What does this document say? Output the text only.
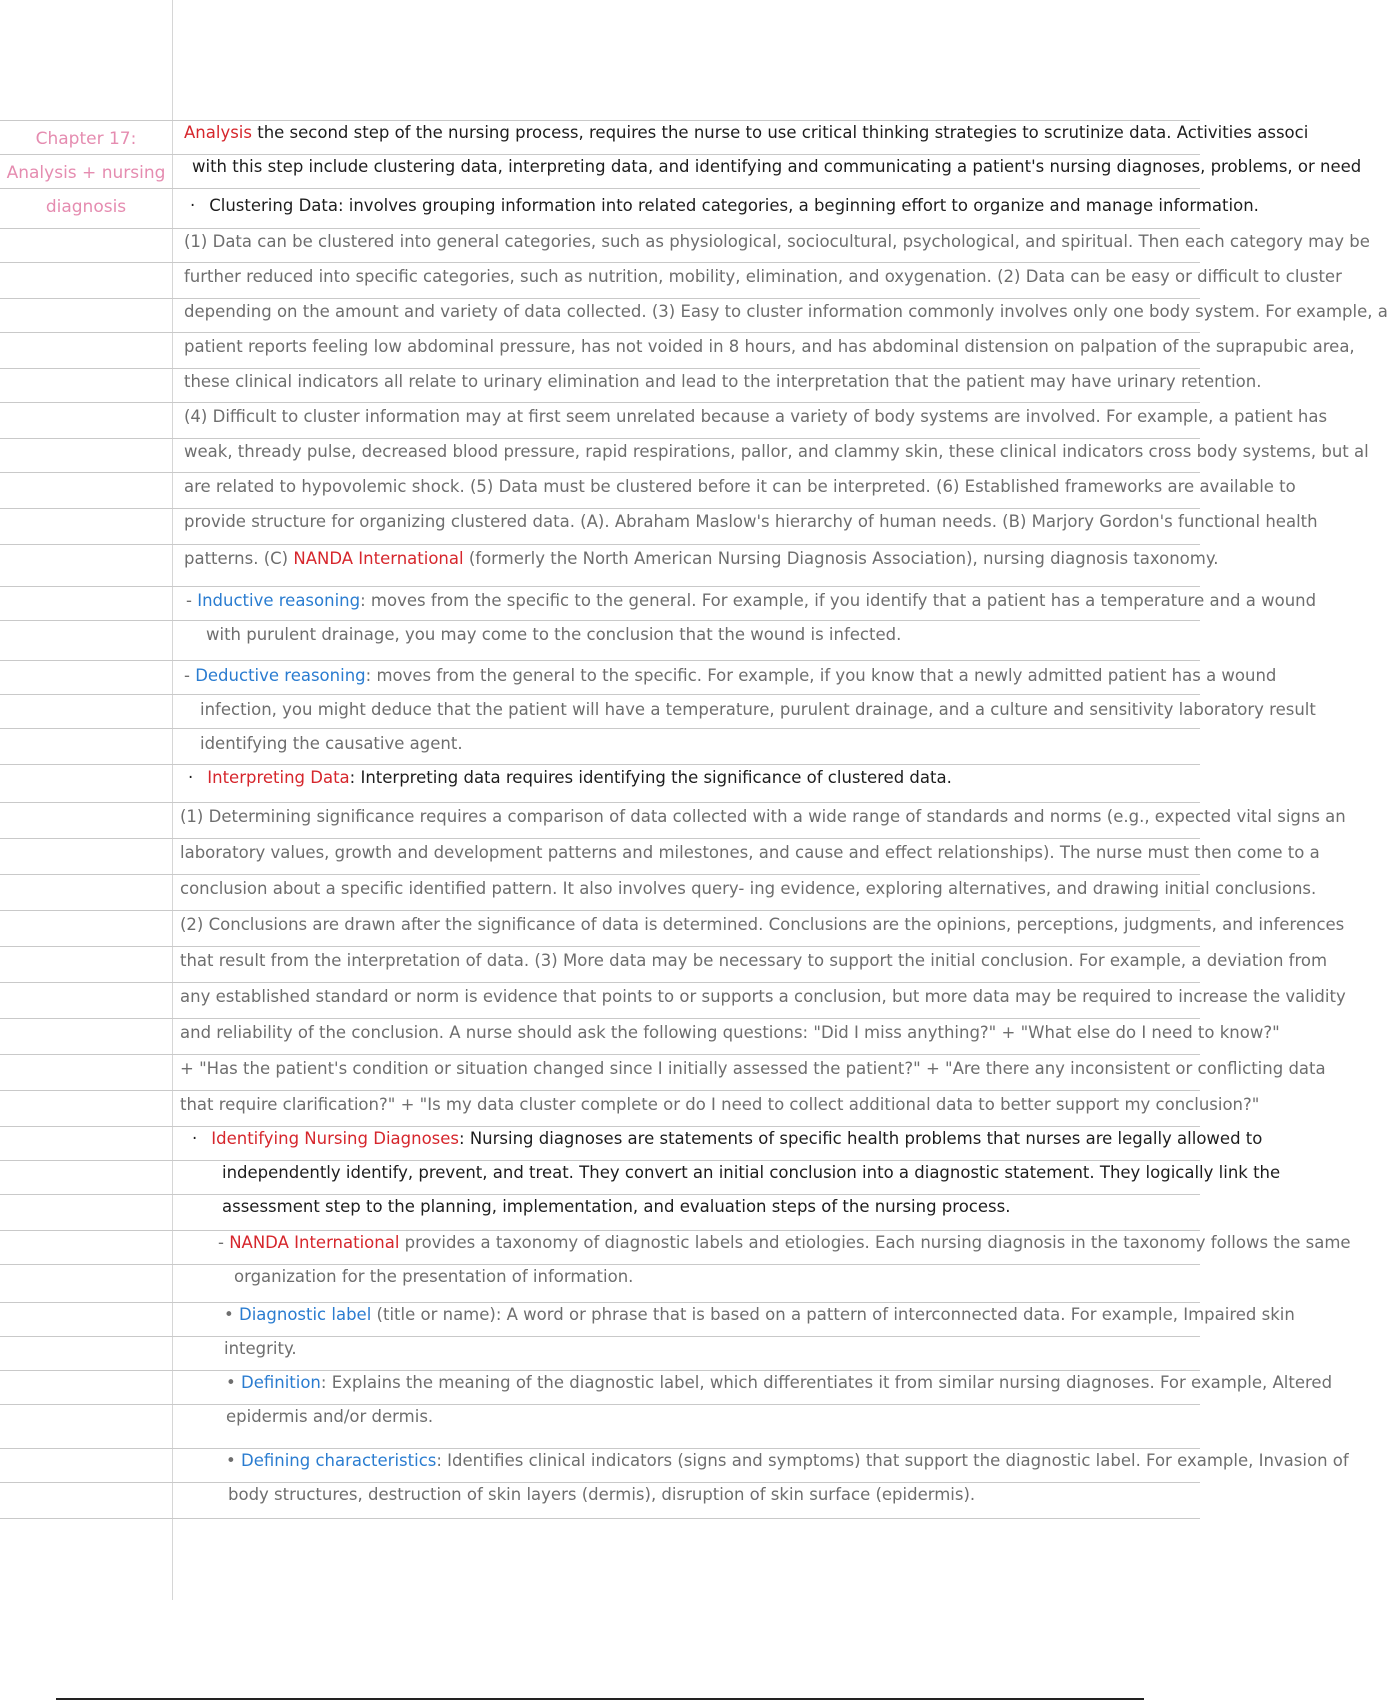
Chapter 17:
Analysis + nursing
diagnosis
Analysis the second step of the nursing process, requires the nurse to use critical thinking strategies to scrutinize data. Activities associ
with this step include clustering data, interpreting data, and identifying and communicating a patient's nursing diagnoses, problems, or need
· Clustering Data: involves grouping information into related categories, a beginning effort to organize and manage information.
(1) Data can be clustered into general categories, such as physiological, sociocultural, psychological, and spiritual. Then each category may be
further reduced into specific categories, such as nutrition, mobility, elimination, and oxygenation. (2) Data can be easy or difficult to cluster
depending on the amount and variety of data collected. (3) Easy to cluster information commonly involves only one body system. For example, a
patient reports feeling low abdominal pressure, has not voided in 8 hours, and has abdominal distension on palpation of the suprapubic area,
these clinical indicators all relate to urinary elimination and lead to the interpretation that the patient may have urinary retention.
(4) Difficult to cluster information may at first seem unrelated because a variety of body systems are involved. For example, a patient has
weak, thready pulse, decreased blood pressure, rapid respirations, pallor, and clammy skin, these clinical indicators cross body systems, but al
are related to hypovolemic shock. (5) Data must be clustered before it can be interpreted. (6) Established frameworks are available to
provide structure for organizing clustered data. (A). Abraham Maslow's hierarchy of human needs. (B) Marjory Gordon's functional health
patterns. (C) NANDA International (formerly the North American Nursing Diagnosis Association), nursing diagnosis taxonomy.
- Inductive reasoning: moves from the specific to the general. For example, if you identify that a patient has a temperature and a wound
with purulent drainage, you may come to the conclusion that the wound is infected.
- Deductive reasoning: moves from the general to the specific. For example, if you know that a newly admitted patient has a wound
infection, you might deduce that the patient will have a temperature, purulent drainage, and a culture and sensitivity laboratory result
identifying the causative agent.
· Interpreting Data: Interpreting data requires identifying the significance of clustered data.
(1) Determining significance requires a comparison of data collected with a wide range of standards and norms (e.g., expected vital signs an
laboratory values, growth and development patterns and milestones, and cause and effect relationships). The nurse must then come to a
conclusion about a specific identified pattern. It also involves query- ing evidence, exploring alternatives, and drawing initial conclusions.
(2) Conclusions are drawn after the significance of data is determined. Conclusions are the opinions, perceptions, judgments, and inferences
that result from the interpretation of data. (3) More data may be necessary to support the initial conclusion. For example, a deviation from
any established standard or norm is evidence that points to or supports a conclusion, but more data may be required to increase the validity
and reliability of the conclusion. A nurse should ask the following questions: "Did I miss anything?" + "What else do I need to know?"
+ "Has the patient's condition or situation changed since I initially assessed the patient?" + "Are there any inconsistent or conflicting data
that require clarification?" + "Is my data cluster complete or do I need to collect additional data to better support my conclusion?"
· Identifying Nursing Diagnoses: Nursing diagnoses are statements of specific health problems that nurses are legally allowed to
independently identify, prevent, and treat. They convert an initial conclusion into a diagnostic statement. They logically link the
assessment step to the planning, implementation, and evaluation steps of the nursing process.
- NANDA International provides a taxonomy of diagnostic labels and etiologies. Each nursing diagnosis in the taxonomy follows the same
organization for the presentation of information.
• Diagnostic label (title or name): A word or phrase that is based on a pattern of interconnected data. For example, Impaired skin
integrity.
• Definition: Explains the meaning of the diagnostic label, which differentiates it from similar nursing diagnoses. For example, Altered
epidermis and/or dermis.
• Defining characteristics: Identifies clinical indicators (signs and symptoms) that support the diagnostic label. For example, Invasion of
body structures, destruction of skin layers (dermis), disruption of skin surface (epidermis).
